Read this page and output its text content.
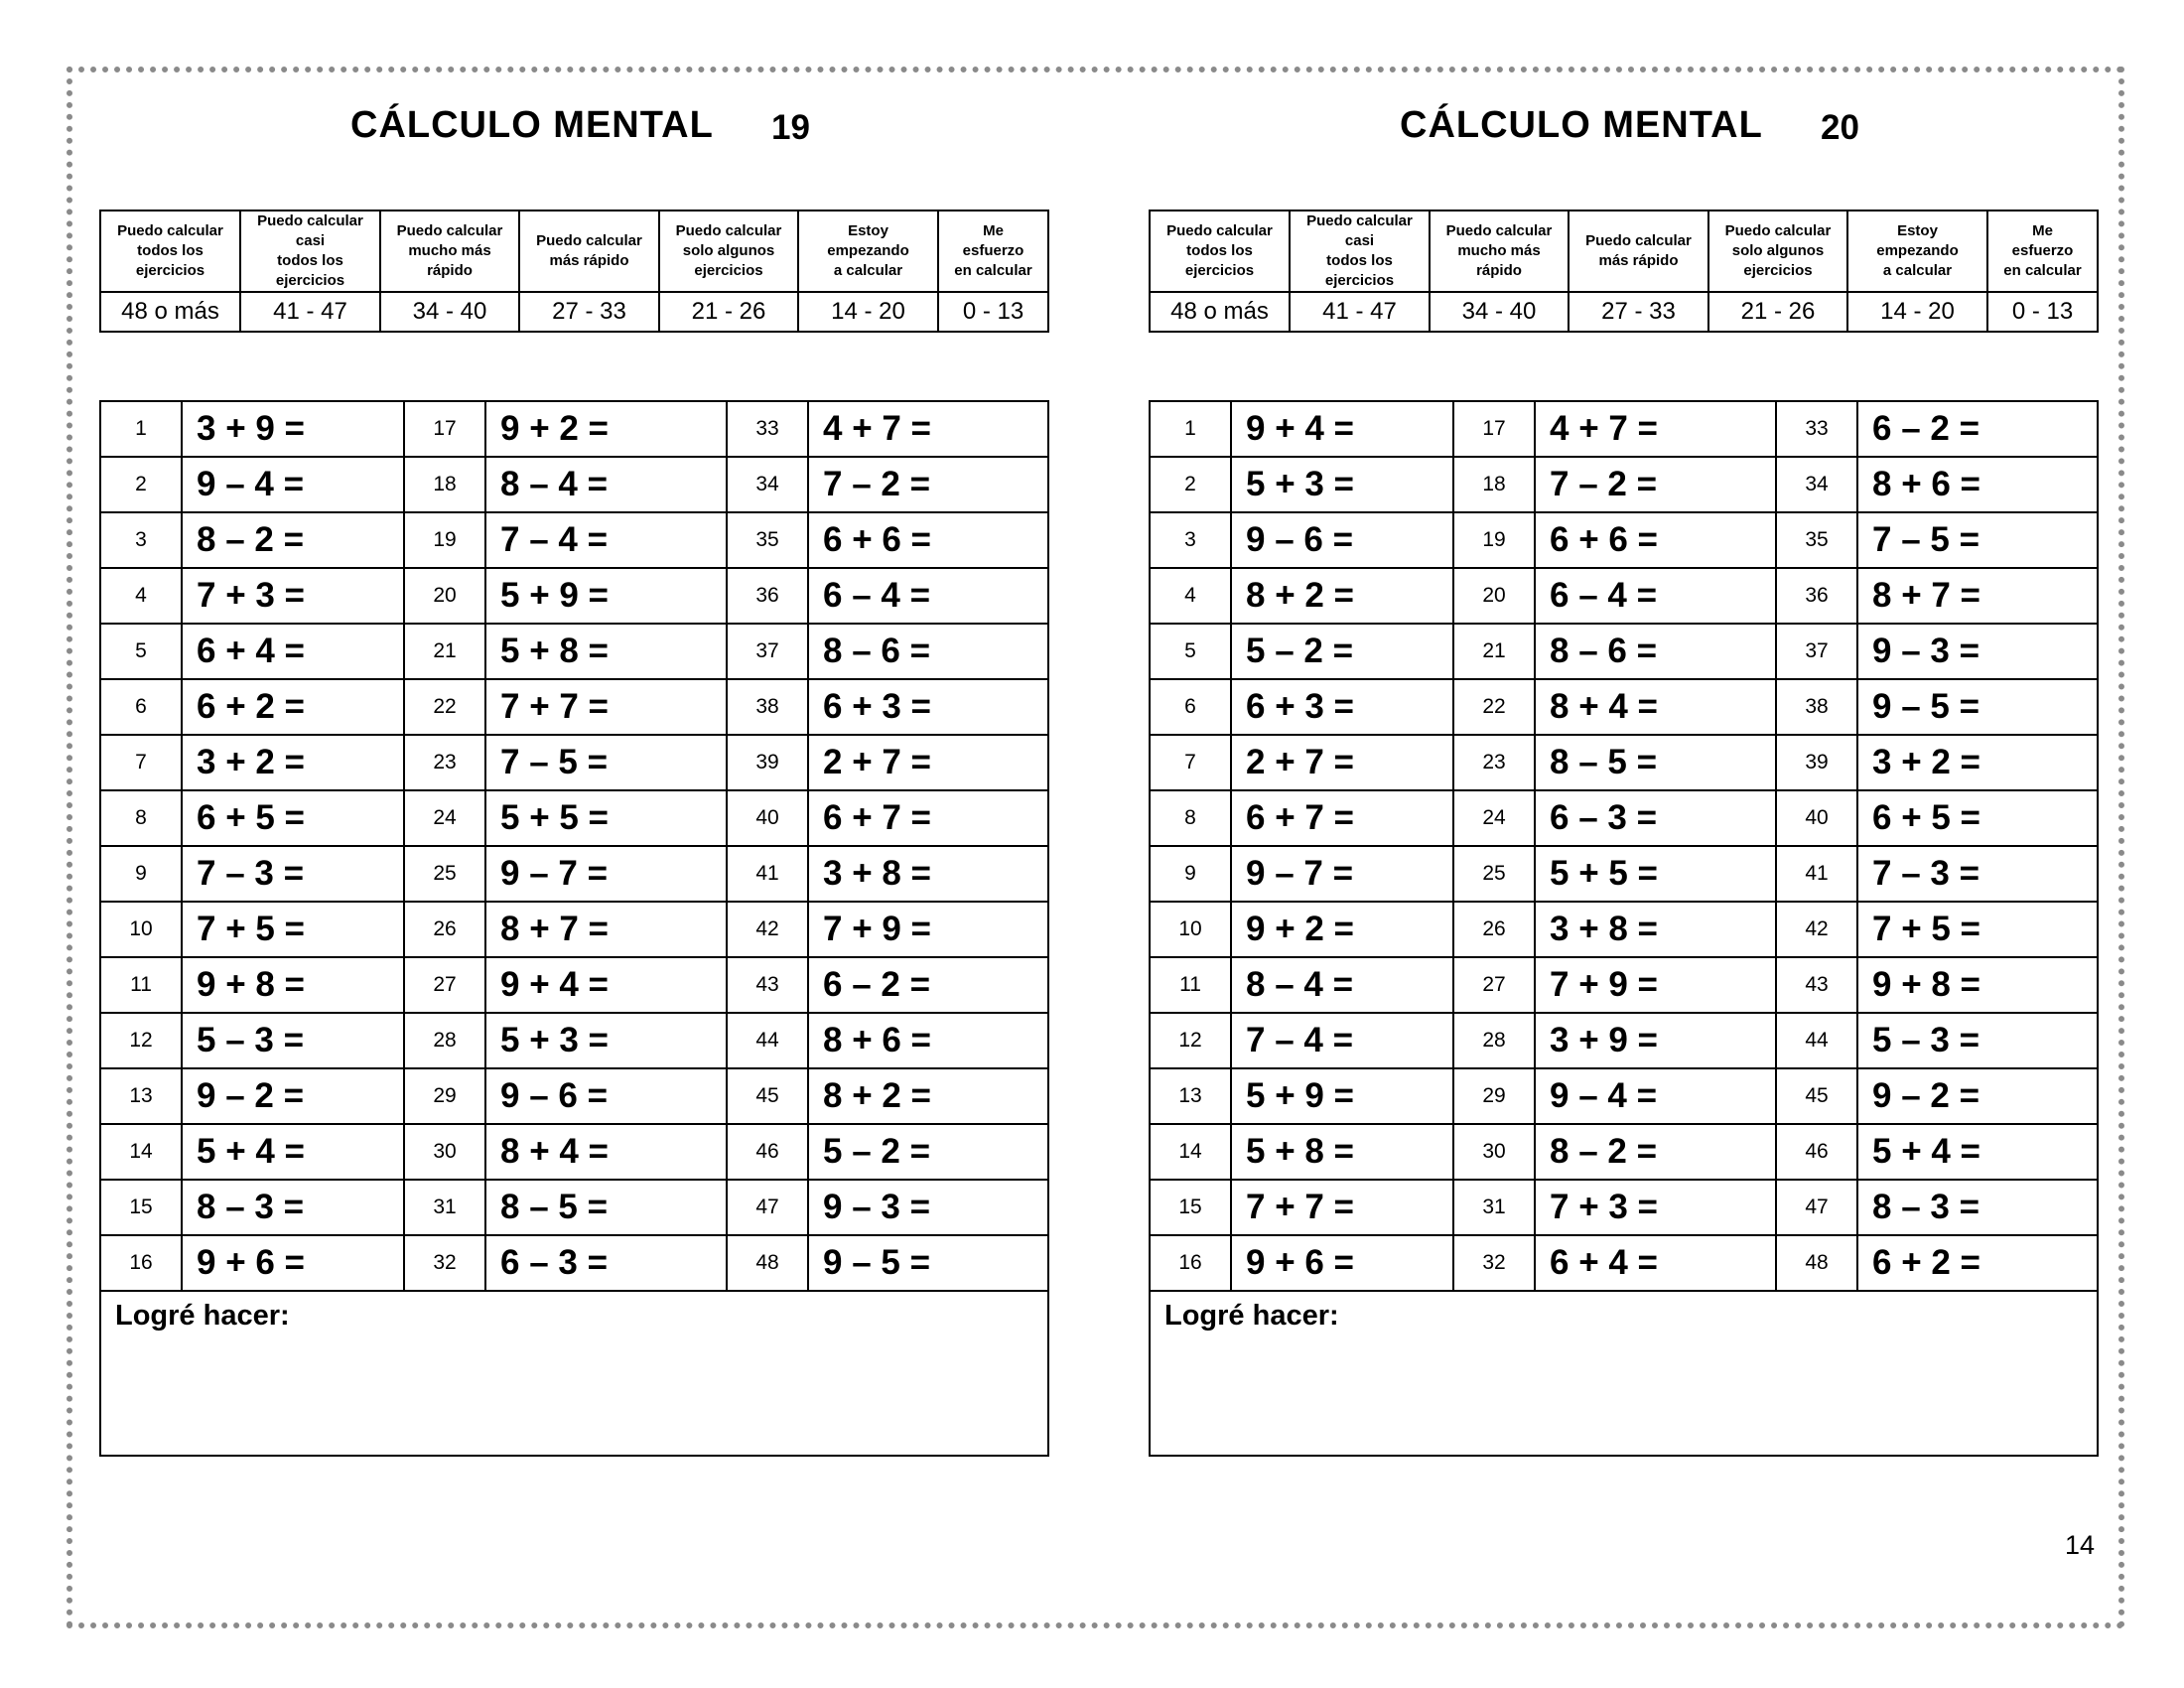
CÁLCULO MENTAL 19
Puedo calcular
todos los
ejercicios	Puedo calcular
casi
todos los
ejercicios	Puedo calcular
mucho más
rápido	Puedo calcular
más rápido	Puedo calcular
solo algunos
ejercicios	Estoy
empezando
a calcular	Me
esfuerzo
en calcular
48 o más	41 - 47	34 - 40	27 - 33	21 - 26	14 - 20	0 - 13
1	3 + 9 =	17	9 + 2 =	33	4 + 7 =
2	9 – 4 =	18	8 – 4 =	34	7 – 2 =
3	8 – 2 =	19	7 – 4 =	35	6 + 6 =
4	7 + 3 =	20	5 + 9 =	36	6 – 4 =
5	6 + 4 =	21	5 + 8 =	37	8 – 6 =
6	6 + 2 =	22	7 + 7 =	38	6 + 3 =
7	3 + 2 =	23	7 – 5 =	39	2 + 7 =
8	6 + 5 =	24	5 + 5 =	40	6 + 7 =
9	7 – 3 =	25	9 – 7 =	41	3 + 8 =
10	7 + 5 =	26	8 + 7 =	42	7 + 9 =
11	9 + 8 =	27	9 + 4 =	43	6 – 2 =
12	5 – 3 =	28	5 + 3 =	44	8 + 6 =
13	9 – 2 =	29	9 – 6 =	45	8 + 2 =
14	5 + 4 =	30	8 + 4 =	46	5 – 2 =
15	8 – 3 =	31	8 – 5 =	47	9 – 3 =
16	9 + 6 =	32	6 – 3 =	48	9 – 5 =
Logré hacer:					
CÁLCULO MENTAL 20
Puedo calcular
todos los
ejercicios	Puedo calcular
casi
todos los
ejercicios	Puedo calcular
mucho más
rápido	Puedo calcular
más rápido	Puedo calcular
solo algunos
ejercicios	Estoy
empezando
a calcular	Me
esfuerzo
en calcular
48 o más	41 - 47	34 - 40	27 - 33	21 - 26	14 - 20	0 - 13
1	9 + 4 =	17	4 + 7 =	33	6 – 2 =
2	5 + 3 =	18	7 – 2 =	34	8 + 6 =
3	9 – 6 =	19	6 + 6 =	35	7 – 5 =
4	8 + 2 =	20	6 – 4 =	36	8 + 7 =
5	5 – 2 =	21	8 – 6 =	37	9 – 3 =
6	6 + 3 =	22	8 + 4 =	38	9 – 5 =
7	2 + 7 =	23	8 – 5 =	39	3 + 2 =
8	6 + 7 =	24	6 – 3 =	40	6 + 5 =
9	9 – 7 =	25	5 + 5 =	41	7 – 3 =
10	9 + 2 =	26	3 + 8 =	42	7 + 5 =
11	8 – 4 =	27	7 + 9 =	43	9 + 8 =
12	7 – 4 =	28	3 + 9 =	44	5 – 3 =
13	5 + 9 =	29	9 – 4 =	45	9 – 2 =
14	5 + 8 =	30	8 – 2 =	46	5 + 4 =
15	7 + 7 =	31	7 + 3 =	47	8 – 3 =
16	9 + 6 =	32	6 + 4 =	48	6 + 2 =
Logré hacer:					
14
